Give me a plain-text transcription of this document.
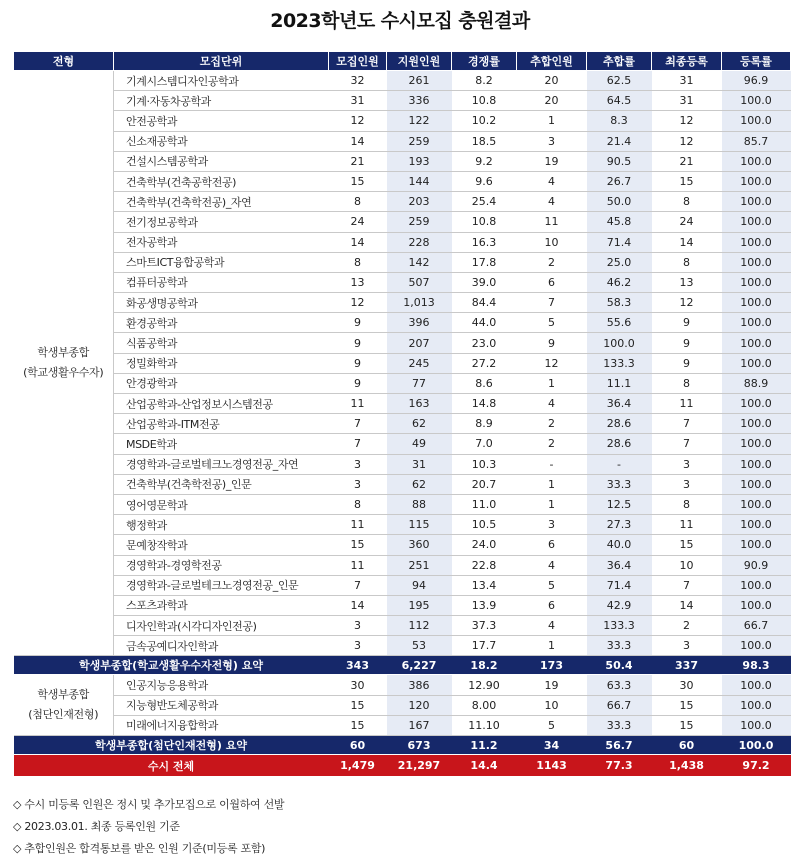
2023학년도 수시모집 충원결과
전형	모집단위	모집인원	지원인원	경쟁률	추합인원	추합률	최종등록	등록률

학생부종합
(학교생활우수자)	기계시스템디자인공학과	32	261	8.2	20	62.5	31	96.9
	기계·자동차공학과	31	336	10.8	20	64.5	31	100.0
	안전공학과	12	122	10.2	1	8.3	12	100.0
	신소재공학과	14	259	18.5	3	21.4	12	85.7
	건설시스템공학과	21	193	9.2	19	90.5	21	100.0
	건축학부(건축공학전공)	15	144	9.6	4	26.7	15	100.0
	건축학부(건축학전공)_자연	8	203	25.4	4	50.0	8	100.0
	전기정보공학과	24	259	10.8	11	45.8	24	100.0
	전자공학과	14	228	16.3	10	71.4	14	100.0
	스마트ICT융합공학과	8	142	17.8	2	25.0	8	100.0
	컴퓨터공학과	13	507	39.0	6	46.2	13	100.0
	화공생명공학과	12	1,013	84.4	7	58.3	12	100.0
	환경공학과	9	396	44.0	5	55.6	9	100.0
	식품공학과	9	207	23.0	9	100.0	9	100.0
	정밀화학과	9	245	27.2	12	133.3	9	100.0
	안경광학과	9	77	8.6	1	11.1	8	88.9
	산업공학과-산업정보시스템전공	11	163	14.8	4	36.4	11	100.0
	산업공학과-ITM전공	7	62	8.9	2	28.6	7	100.0
	MSDE학과	7	49	7.0	2	28.6	7	100.0
	경영학과-글로벌테크노경영전공_자연	3	31	10.3	-	-	3	100.0
	건축학부(건축학전공)_인문	3	62	20.7	1	33.3	3	100.0
	영어영문학과	8	88	11.0	1	12.5	8	100.0
	행정학과	11	115	10.5	3	27.3	11	100.0
	문예창작학과	15	360	24.0	6	40.0	15	100.0
	경영학과-경영학전공	11	251	22.8	4	36.4	10	90.9
	경영학과-글로벌테크노경영전공_인문	7	94	13.4	5	71.4	7	100.0
	스포츠과학과	14	195	13.9	6	42.9	14	100.0
	디자인학과(시각디자인전공)	3	112	37.3	4	133.3	2	66.7
	금속공예디자인학과	3	53	17.7	1	33.3	3	100.0
학생부종합(학교생활우수자전형) 요약		343	6,227	18.2	173	50.4	337	98.3

학생부종합
(첨단인재전형)	인공지능응용학과	30	386	12.90	19	63.3	30	100.0
	지능형반도체공학과	15	120	8.00	10	66.7	15	100.0
	미래에너지융합학과	15	167	11.10	5	33.3	15	100.0
학생부종합(첨단인재전형) 요약		60	673	11.2	34	56.7	60	100.0
수시 전체		1,479	21,297	14.4	1143	77.3	1,438	97.2
◇ 수시 미등록 인원은 정시 및 추가모집으로 이월하여 선발
◇ 2023.03.01. 최종 등록인원 기준
◇ 추합인원은 합격통보를 받은 인원 기준(미등록 포함)
